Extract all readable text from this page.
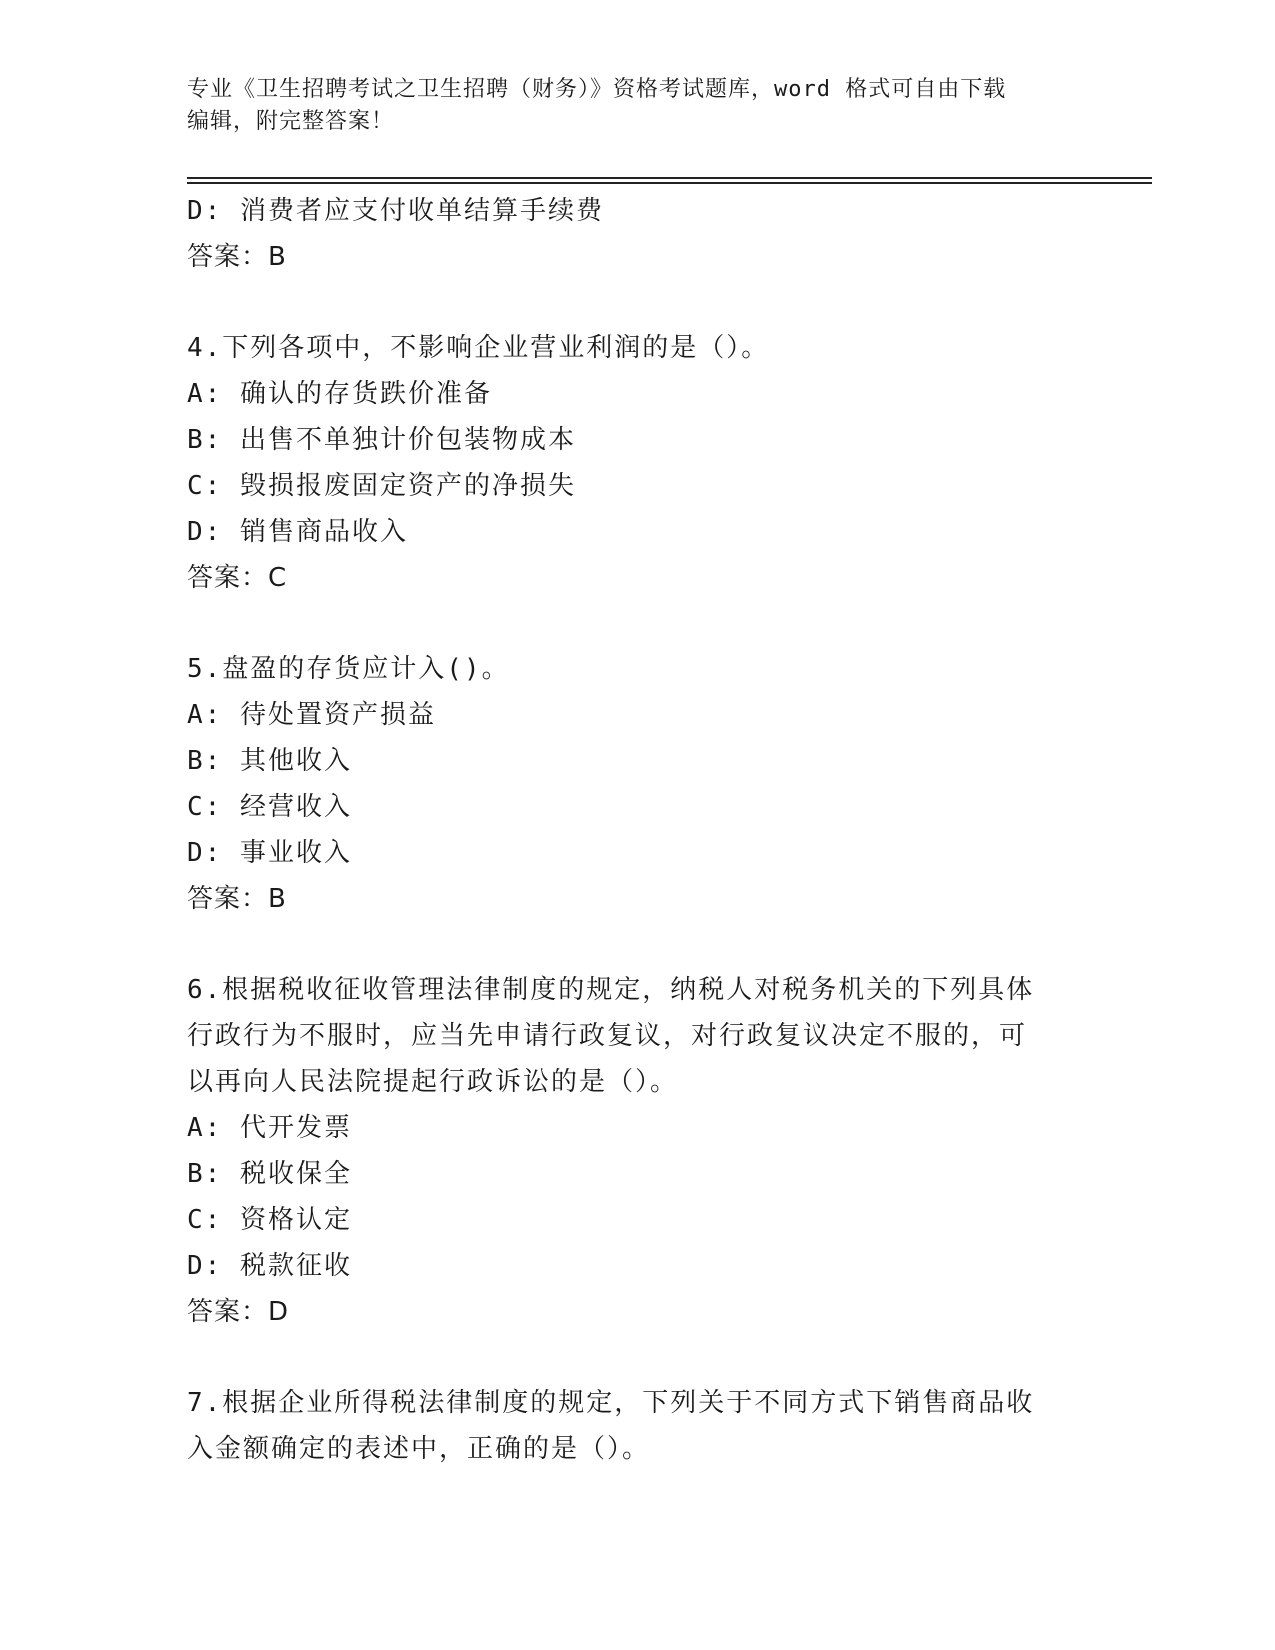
专业《卫生招聘考试之卫生招聘（财务）》资格考试题库，word 格式可自由下载
编辑，附完整答案！
D: 消费者应支付收单结算手续费
答案：B
4.下列各项中，不影响企业营业利润的是（）。
A: 确认的存货跌价准备
B: 出售不单独计价包装物成本
C: 毁损报废固定资产的净损失
D: 销售商品收入
答案：C
5.盘盈的存货应计入()。
A: 待处置资产损益
B: 其他收入
C: 经营收入
D: 事业收入
答案：B
6.根据税收征收管理法律制度的规定，纳税人对税务机关的下列具体
行政行为不服时，应当先申请行政复议，对行政复议决定不服的，可
以再向人民法院提起行政诉讼的是（）。
A: 代开发票
B: 税收保全
C: 资格认定
D: 税款征收
答案：D
7.根据企业所得税法律制度的规定，下列关于不同方式下销售商品收
入金额确定的表述中，正确的是（）。
